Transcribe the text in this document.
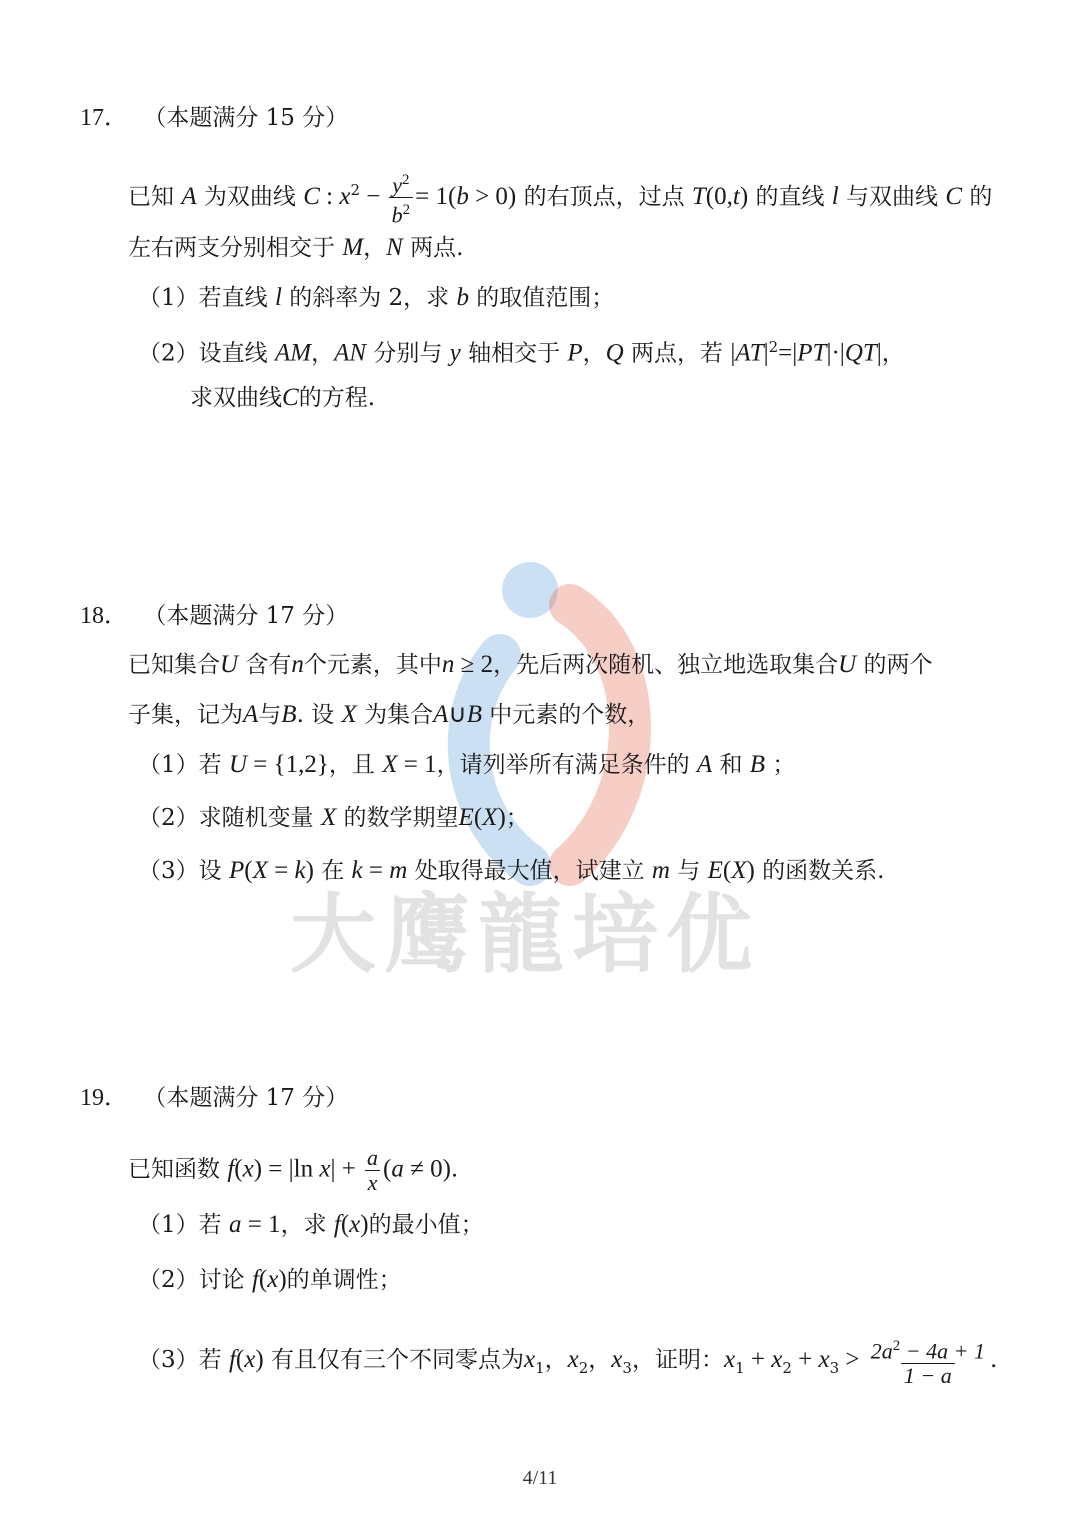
大鹰龍培优
17． （本题满分 15 分）
已知 A 为双曲线 C : $x^2 - \frac{y^2}{b^2} = 1(b > 0)$ 的右顶点，过点 T(0,t) 的直线 l 与双曲线 C 的
左右两支分别相交于 M，N 两点.
（1）若直线 l 的斜率为 2，求 b 的取值范围；
（2）设直线 AM，AN 分别与 y 轴相交于 P，Q 两点，若 $|AT|^2=|PT|\cdot|QT|$，
求双曲线C的方程.
18． （本题满分 17 分）
已知集合U 含有n个元素，其中n ≥ 2，先后两次随机、独立地选取集合U 的两个
子集，记为A与B. 设 X 为集合A∪B 中元素的个数，
（1）若 U = {1,2}，且 X = 1，请列举所有满足条件的 A 和 B ；
（2）求随机变量 X 的数学期望E(X)；
（3）设 P(X = k) 在 k = m 处取得最大值，试建立 m 与 E(X) 的函数关系.
19． （本题满分 17 分）
已知函数 f(x) = |ln $x| + \frac{a}{x} (a \ne 0)$.
（1）若 a = 1，求 f(x)的最小值；
（2）讨论 f(x)的单调性；
（3）若 f(x) 有且仅有三个不同零点为$x_1$，$x_2$，$x_3$，证明：$x_1 + x_2 + x_3 > \frac{2a^2 - 4a + 1}{1 - a}$ .
4/11
